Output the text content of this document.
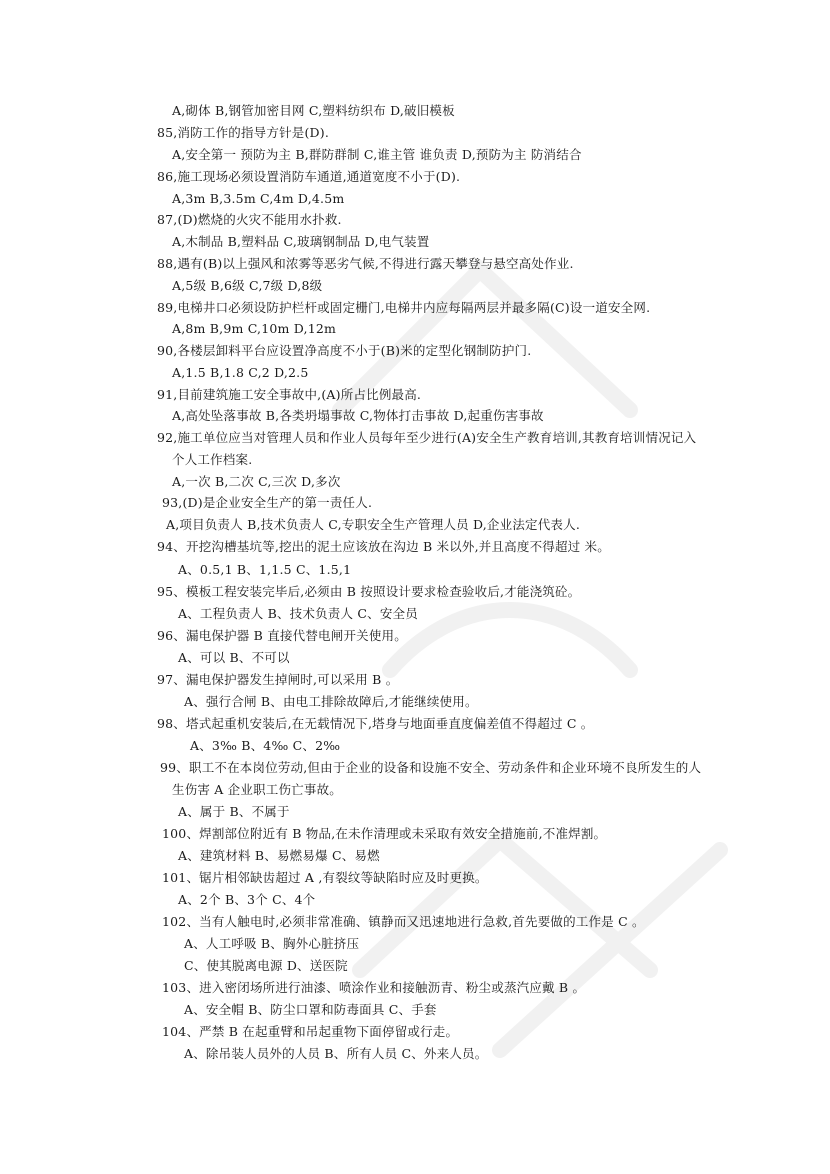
A,砌体 B,钢管加密目网 C,塑料纺织布 D,破旧模板
85,消防工作的指导方针是(D).
A,安全第一 预防为主 B,群防群制 C,谁主管 谁负责 D,预防为主 防消结合
86,施工现场必须设置消防车通道,通道宽度不小于(D).
A,3m B,3.5m C,4m D,4.5m
87,(D)燃烧的火灾不能用水扑救.
A,木制品 B,塑料品 C,玻璃钢制品 D,电气装置
88,遇有(B)以上强风和浓雾等恶劣气候,不得进行露天攀登与悬空高处作业.
A,5级 B,6级 C,7级 D,8级
89,电梯井口必须设防护栏杆或固定栅门,电梯井内应每隔两层并最多隔(C)设一道安全网.
A,8m B,9m C,10m D,12m
90,各楼层卸料平台应设置净高度不小于(B)米的定型化钢制防护门.
A,1.5 B,1.8 C,2 D,2.5
91,目前建筑施工安全事故中,(A)所占比例最高.
A,高处坠落事故 B,各类坍塌事故 C,物体打击事故 D,起重伤害事故
92,施工单位应当对管理人员和作业人员每年至少进行(A)安全生产教育培训,其教育培训情况记入
个人工作档案.
A,一次 B,二次 C,三次 D,多次
93,(D)是企业安全生产的第一责任人.
A,项目负责人 B,技术负责人 C,专职安全生产管理人员 D,企业法定代表人.
94、开挖沟槽基坑等,挖出的泥土应该放在沟边 B 米以外,并且高度不得超过 米。
A、0.5,1 B、1,1.5 C、1.5,1
95、模板工程安装完毕后,必须由 B 按照设计要求检查验收后,才能浇筑砼。
A、工程负责人 B、技术负责人 C、安全员
96、漏电保护器 B 直接代替电闸开关使用。
A、可以 B、不可以
97、漏电保护器发生掉闸时,可以采用 B 。
A、强行合闸 B、由电工排除故障后,才能继续使用。
98、塔式起重机安装后,在无载情况下,塔身与地面垂直度偏差值不得超过 C 。
A、3‰ B、4‰ C、2‰
99、职工不在本岗位劳动,但由于企业的设备和设施不安全、劳动条件和企业环境不良所发生的人
生伤害 A 企业职工伤亡事故。
A、属于 B、不属于
100、焊割部位附近有 B 物品,在未作清理或未采取有效安全措施前,不准焊割。
A、建筑材料 B、易燃易爆 C、易燃
101、锯片相邻缺齿超过 A ,有裂纹等缺陷时应及时更换。
A、2个 B、3个 C、4个
102、当有人触电时,必须非常准确、镇静而又迅速地进行急救,首先要做的工作是 C 。
A、人工呼吸 B、胸外心脏挤压
C、使其脱离电源 D、送医院
103、进入密闭场所进行油漆、喷涂作业和接触沥青、粉尘或蒸汽应戴 B 。
A、安全帽 B、防尘口罩和防毒面具 C、手套
104、严禁 B 在起重臂和吊起重物下面停留或行走。
A、除吊装人员外的人员 B、所有人员 C、外来人员。
